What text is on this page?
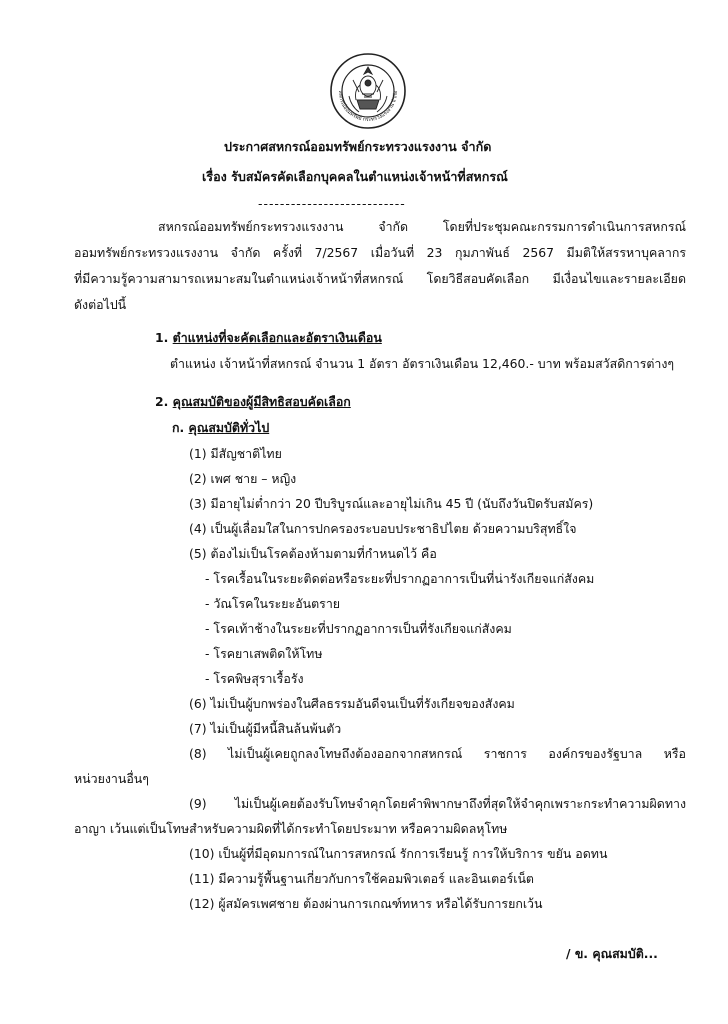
สหกรณ์ออมทรัพย์ กระทรวงแรงงาน จำกัด
ประกาศสหกรณ์ออมทรัพย์กระทรวงแรงงาน จำกัด
เรื่อง รับสมัครคัดเลือกบุคคลในตำแหน่งเจ้าหน้าที่สหกรณ์
---------------------------
สหกรณ์ออมทรัพย์กระทรวงแรงงาน จำกัด โดยที่ประชุมคณะกรรมการดำเนินการสหกรณ์
ออมทรัพย์กระทรวงแรงงาน จำกัด ครั้งที่ 7/2567 เมื่อวันที่ 23 กุมภาพันธ์ 2567 มีมติให้สรรหาบุคลากร
ที่มีความรู้ความสามารถเหมาะสมในตำแหน่งเจ้าหน้าที่สหกรณ์ โดยวิธีสอบคัดเลือก มีเงื่อนไขและรายละเอียด
ดังต่อไปนี้
1. ตำแหน่งที่จะคัดเลือกและอัตราเงินเดือน
ตำแหน่ง เจ้าหน้าที่สหกรณ์ จำนวน 1 อัตรา อัตราเงินเดือน 12,460.- บาท พร้อมสวัสดิการต่างๆ
2. คุณสมบัติของผู้มีสิทธิสอบคัดเลือก
ก. คุณสมบัติทั่วไป
(1) มีสัญชาติไทย
(2) เพศ ชาย – หญิง
(3) มีอายุไม่ต่ำกว่า 20 ปีบริบูรณ์และอายุไม่เกิน 45 ปี (นับถึงวันปิดรับสมัคร)
(4) เป็นผู้เลื่อมใสในการปกครองระบอบประชาธิปไตย ด้วยความบริสุทธิ์ใจ
(5) ต้องไม่เป็นโรคต้องห้ามตามที่กำหนดไว้ คือ
- โรคเรื้อนในระยะติดต่อหรือระยะที่ปรากฏอาการเป็นที่น่ารังเกียจแก่สังคม
- วัณโรคในระยะอันตราย
- โรคเท้าช้างในระยะที่ปรากฏอาการเป็นที่รังเกียจแก่สังคม
- โรคยาเสพติดให้โทษ
- โรคพิษสุราเรื้อรัง
(6) ไม่เป็นผู้บกพร่องในศีลธรรมอันดีจนเป็นที่รังเกียจของสังคม
(7) ไม่เป็นผู้มีหนี้สินล้นพ้นตัว
(8) ไม่เป็นผู้เคยถูกลงโทษถึงต้องออกจากสหกรณ์ ราชการ องค์กรของรัฐบาล หรือ
หน่วยงานอื่นๆ
(9) ไม่เป็นผู้เคยต้องรับโทษจำคุกโดยคำพิพากษาถึงที่สุดให้จำคุกเพราะกระทำความผิดทาง
อาญา เว้นแต่เป็นโทษสำหรับความผิดที่ได้กระทำโดยประมาท หรือความผิดลหุโทษ
(10) เป็นผู้ที่มีอุดมการณ์ในการสหกรณ์ รักการเรียนรู้ การให้บริการ ขยัน อดทน
(11) มีความรู้พื้นฐานเกี่ยวกับการใช้คอมพิวเตอร์ และอินเตอร์เน็ต
(12) ผู้สมัครเพศชาย ต้องผ่านการเกณฑ์ทหาร หรือได้รับการยกเว้น
/ ข. คุณสมบัติ...
